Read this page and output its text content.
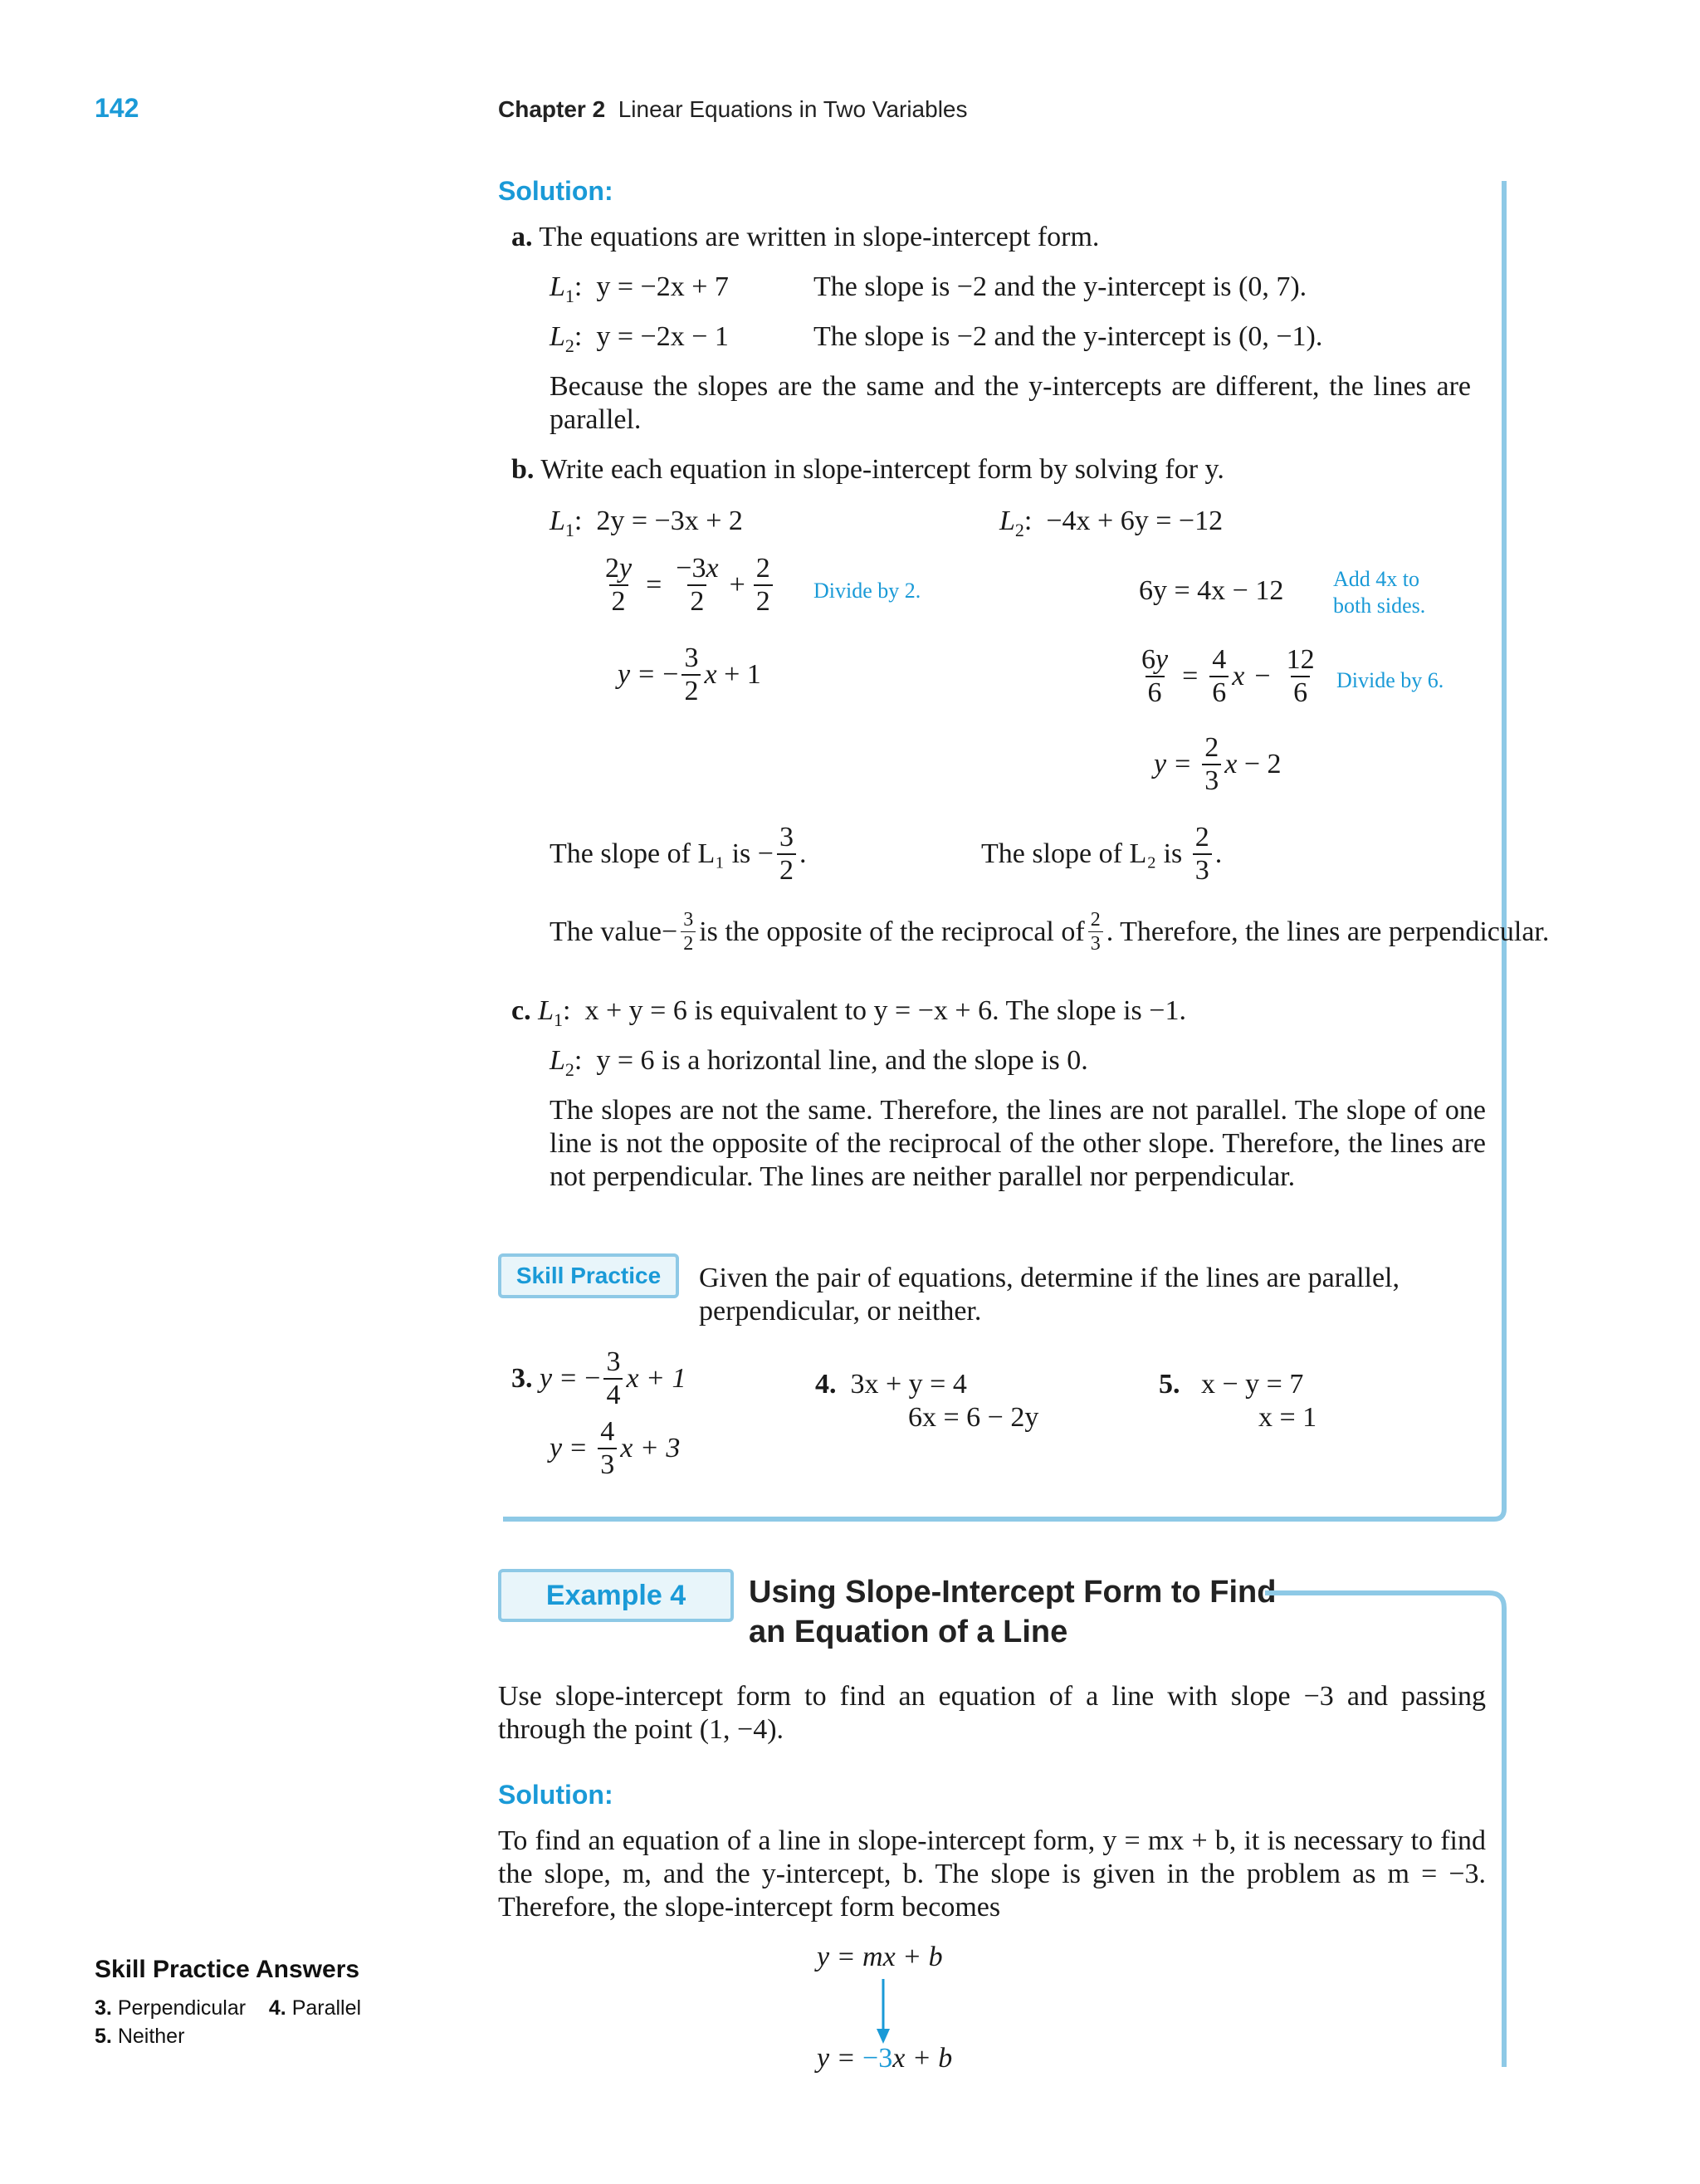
142	Chapter 2 Linear Equations in Two Variables
Solution:
a. The equations are written in slope-intercept form.
$L_1$:  y = −2x + 7	The slope is −2 and the y-intercept is (0, 7).
$L_2$:  y = −2x − 1	The slope is −2 and the y-intercept is (0, −1).
Because the slopes are the same and the y-intercepts are different, the lines are parallel.
b. Write each equation in slope-intercept form by solving for y.
$L_1$:  2y = −3x + 2	$L_2$:  −4x + 6y = −12
$\frac{2y}{2} = \frac{-3x}{2} + \frac{2}{2}$ Divide by 2.
y = − $\frac{3}{2}$ x + 1
6y = 4x − 12 Add 4x to
both sides.
$\frac{6y}{6} = \frac{4}{6}$ $x - \frac{12}{6}$ Divide by 6.
$y = \frac{2}{3}$ x − 2
The slope of L₁ is − $\frac{3}{2}$ .	The slope of L₂ is
$\frac{2}{3}$ .
The value − $\frac{3}{2}$ is the opposite of the reciprocal of $\frac{2}{3}$ . Therefore, the lines are perpendicular.
c. $L_1$:  x + y = 6 is equivalent to y = −x + 6. The slope is −1.
$L_2$:  y = 6 is a horizontal line, and the slope is 0.
The slopes are not the same. Therefore, the lines are not parallel. The slope of one line is not the opposite of the reciprocal of the other slope. Therefore, the lines are not perpendicular. The lines are neither parallel nor perpendicular.
Skill Practice	Given the pair of equations, determine if the lines are parallel, perpendicular, or neither.
3.
y = − $\frac{3}{4}$ x + 1
$y = \frac{4}{3}$ x + 3
4. 3x + y = 4
6x = 6 − 2y
5. x − y = 7
x = 1
Example 4	Using Slope-Intercept Form to Find
an Equation of a Line
Use slope-intercept form to find an equation of a line with slope −3 and passing through the point (1, −4).
Solution:
To find an equation of a line in slope-intercept form, y = mx + b, it is necessary to find the slope, m, and the y-intercept, b. The slope is given in the problem as m = −3. Therefore, the slope-intercept form becomes
y = mx + b
y = −3x + b
Skill Practice Answers
3. Perpendicular 4. Parallel
5. Neither
